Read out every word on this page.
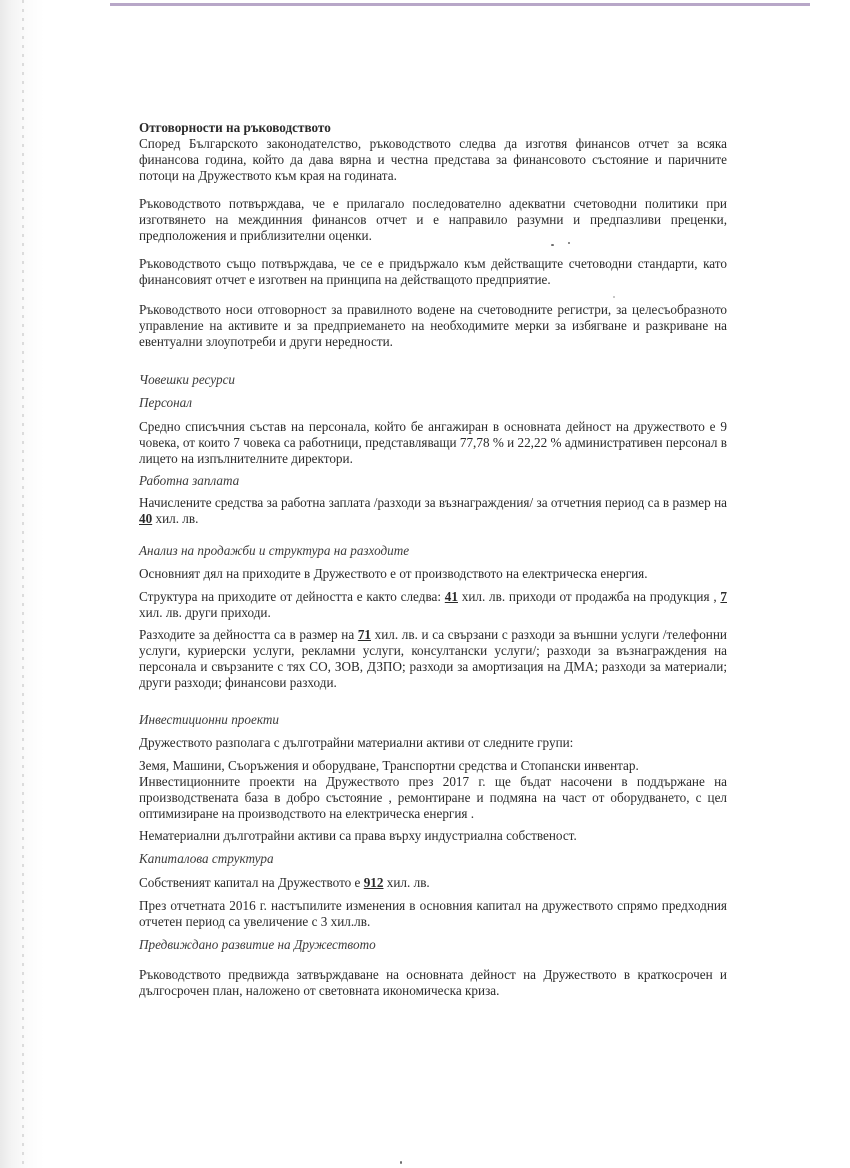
Отговорности на ръководството

Според Българското законодателство, ръководството следва да изготвя финансов отчет за всяка финансова година, който да дава вярна и честна представа за финансовото състояние и паричните потоци на Дружеството към края на годината.

Ръководството потвърждава, че е прилагало последователно адекватни счетоводни политики при изготвянето на междинния финансов отчет и е направило разумни и предпазливи преценки, предположения и приблизителни оценки.

Ръководството също потвърждава, че се е придържало към действащите счетоводни стандарти, като финансовият отчет е изготвен на принципа на действащото предприятие.

Ръководството носи отговорност за правилното водене на счетоводните регистри, за целесъобразното управление на активите и за предприемането на необходимите мерки за избягване и разкриване на евентуални злоупотреби и други нередности.

Човешки ресурси

Персонал

Средно списъчния състав на персонала, който бе ангажиран в основната дейност на дружеството е 9 човека, от които 7 човека са работници, представляващи 77,78 % и 22,22 % административен персонал в лицето на изпълнителните директори.

Работна заплата

Начислените средства за работна заплата /разходи за възнаграждения/ за отчетния период са в размер на 40 хил. лв.

Анализ на продажби и структура на разходите

Основният дял на приходите в Дружеството е от производството на електрическа енергия.

Структура на приходите от дейността е както следва: 41 хил. лв. приходи от продажба на продукция , 7 хил. лв. други приходи.

Разходите за дейността са в размер на 71 хил. лв. и са свързани с разходи за външни услуги /телефонни услуги, куриерски услуги, рекламни услуги, консултански услуги/; разходи за възнаграждения на персонала и свързаните с тях СО, ЗОВ, ДЗПО; разходи за амортизация на ДМА; разходи за материали; други разходи; финансови разходи.

Инвестиционни проекти

Дружеството разполага с дълготрайни материални активи от следните групи:

Земя, Машини, Съоръжения и оборудване, Транспортни средства и Стопански инвентар.

Инвестиционните проекти на Дружеството през 2017 г. ще бъдат насочени в поддържане на производствената база в добро състояние , ремонтиране и подмяна на част от оборудването, с цел оптимизиране на производството на електрическа енергия .

Нематериални дълготрайни активи са права върху индустриална собственост.

Капиталова структура

Собственият капитал на Дружеството е 912 хил. лв.

През отчетната 2016 г. настъпилите изменения в основния капитал на дружеството спрямо предходния отчетен период са увеличение с 3 хил.лв.

Предвиждано развитие на Дружеството

Ръководството предвижда затвърждаване на основната дейност на Дружеството в краткосрочен и дългосрочен план, наложено от световната икономическа криза.
